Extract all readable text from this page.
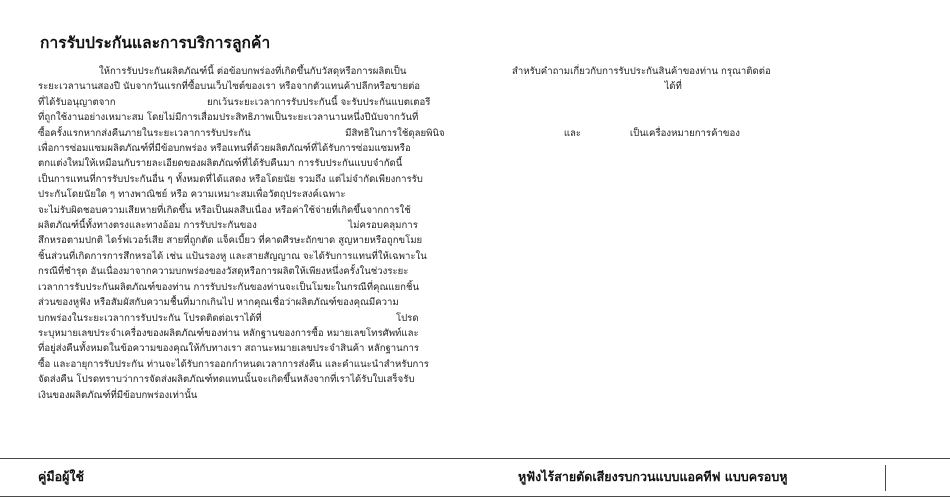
การรับประกันและการบริการลูกค้า
ให้การรับประกันผลิตภัณฑ์นี้ ต่อข้อบกพร่องที่เกิดขึ้นกับวัสดุหรือการผลิตเป็น
ระยะเวลานานสองปี นับจากวันแรกที่ซื้อบนเว็บไซต์ของเรา หรือจากตัวแทนค้าปลีกหรือขายต่อ
ที่ได้รับอนุญาตจาก                              ยกเว้นระยะเวลาการรับประกันนี้ จะรับประกันแบตเตอรี
ที่ถูกใช้งานอย่างเหมาะสม โดยไม่มีการเสื่อมประสิทธิภาพเป็นระยะเวลานานหนึ่งปีนับจากวันที่
ซื้อครั้งแรกหากส่งคืนภายในระยะเวลาการรับประกัน                               มีสิทธิในการใช้ดุลยพินิจ
เพื่อการซ่อมแซมผลิตภัณฑ์ที่มีข้อบกพร่อง หรือแทนที่ด้วยผลิตภัณฑ์ที่ได้รับการซ่อมแซมหรือ
ตกแต่งใหม่ให้เหมือนกับรายละเอียดของผลิตภัณฑ์ที่ได้รับคืนมา การรับประกันแบบจำกัดนี้
เป็นการแทนที่การรับประกันอื่น ๆ ทั้งหมดที่ได้แสดง หรือโดยนัย รวมถึง แต่ไม่จำกัดเพียงการรับ
ประกันโดยนัยใด ๆ ทางพาณิชย์ หรือ ความเหมาะสมเพื่อวัตถุประสงค์เฉพาะ
จะไม่รับผิดชอบความเสียหายที่เกิดขึ้น หรือเป็นผลสืบเนื่อง หรือค่าใช้จ่ายที่เกิดขึ้นจากการใช้
ผลิตภัณฑ์นี้ทั้งทางตรงและทางอ้อม การรับประกันของ                              ไม่ครอบคลุมการ
สึกหรอตามปกติ ไดร์ฟเวอร์เสีย สายที่ถูกตัด แจ็คเบี้ยว ที่คาดศีรษะถักขาด สูญหายหรือถูกขโมย
ชิ้นส่วนที่เกิดการการสึกหรอได้ เช่น แป้นรองหู และสายสัญญาณ จะได้รับการแทนที่ให้เฉพาะใน
กรณีที่ชำรุด อันเนื่องมาจากความบกพร่องของวัสดุหรือการผลิตให้เพียงหนึ่งครั้งในช่วงระยะ
เวลาการรับประกันผลิตภัณฑ์ของท่าน การรับประกันของท่านจะเป็นโมฆะในกรณีที่คุณแยกชิ้น
ส่วนของหูฟัง หรือสัมผัสกับความชื้นที่มากเกินไป หากคุณเชื่อว่าผลิตภัณฑ์ของคุณมีความ
บกพร่องในระยะเวลาการรับประกัน โปรดติดต่อเราได้ที่                                            โปรด
ระบุหมายเลขประจำเครื่องของผลิตภัณฑ์ของท่าน หลักฐานของการซื้อ หมายเลขโทรศัพท์และ
ที่อยู่ส่งคืนทั้งหมดในข้อความของคุณให้กับทางเรา สถานะหมายเลขประจำสินค้า หลักฐานการ
ซื้อ และอายุการรับประกัน ท่านจะได้รับการออกกำหนดเวลาการส่งคืน และคำแนะนำสำหรับการ
จัดส่งคืน โปรดทราบว่าการจัดส่งผลิตภัณฑ์ทดแทนนั้นจะเกิดขึ้นหลังจากที่เราได้รับใบเสร็จรับ
เงินของผลิตภัณฑ์ที่มีข้อบกพร่องเท่านั้น
สำหรับคำถามเกี่ยวกับการรับประกันสินค้าของท่าน กรุณาติดต่อ
ได้ที่

และ                เป็นเครื่องหมายการค้าของ
คู่มือผู้ใช้	หูฟังไร้สายตัดเสียงรบกวนแบบแอคทีฟ แบบครอบหู
